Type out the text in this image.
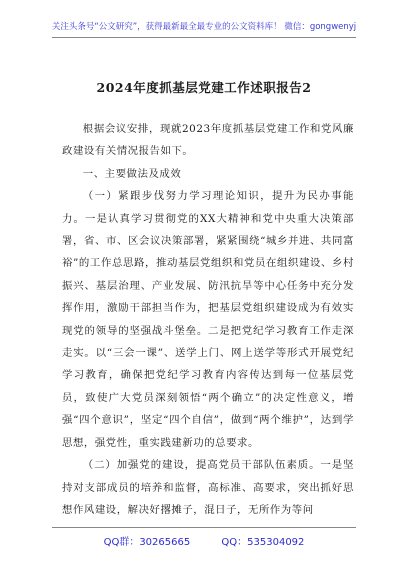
关注头条号“公文研究”，获得最新最全最专业的公文资料库！ 微信：gongwenyj
2024年度抓基层党建工作述职报告2

根据会议安排，现就2023年度抓基层党建工作和党风廉政建设有关情况报告如下。

一、主要做法及成效

（一）紧跟步伐努力学习理论知识，提升为民办事能力。一是认真学习贯彻党的XX大精神和党中央重大决策部署，省、市、区会议决策部署，紧紧围绕“城乡并进、共同富裕”的工作总思路，推动基层党组织和党员在组织建设、乡村振兴、基层治理、产业发展、防汛抗旱等中心任务中充分发挥作用，激励干部担当作为，把基层党组织建设成为有效实现党的领导的坚强战斗堡垒。二是把党纪学习教育工作走深走实。以“三会一课”、送学上门、网上送学等形式开展党纪学习教育，确保把党纪学习教育内容传达到每一位基层党员，致使广大党员深刻领悟“两个确立”的决定性意义，增强“四个意识”，坚定“四个自信”，做到“两个维护”，达到学思想，强党性，重实践建新功的总要求。

（二）加强党的建设，提高党员干部队伍素质。一是坚持对支部成员的培养和监督，高标准、高要求，突出抓好思想作风建设，解决好撂摊子，混日子，无所作为等问

QQ群：30265665	QQ：535304092
